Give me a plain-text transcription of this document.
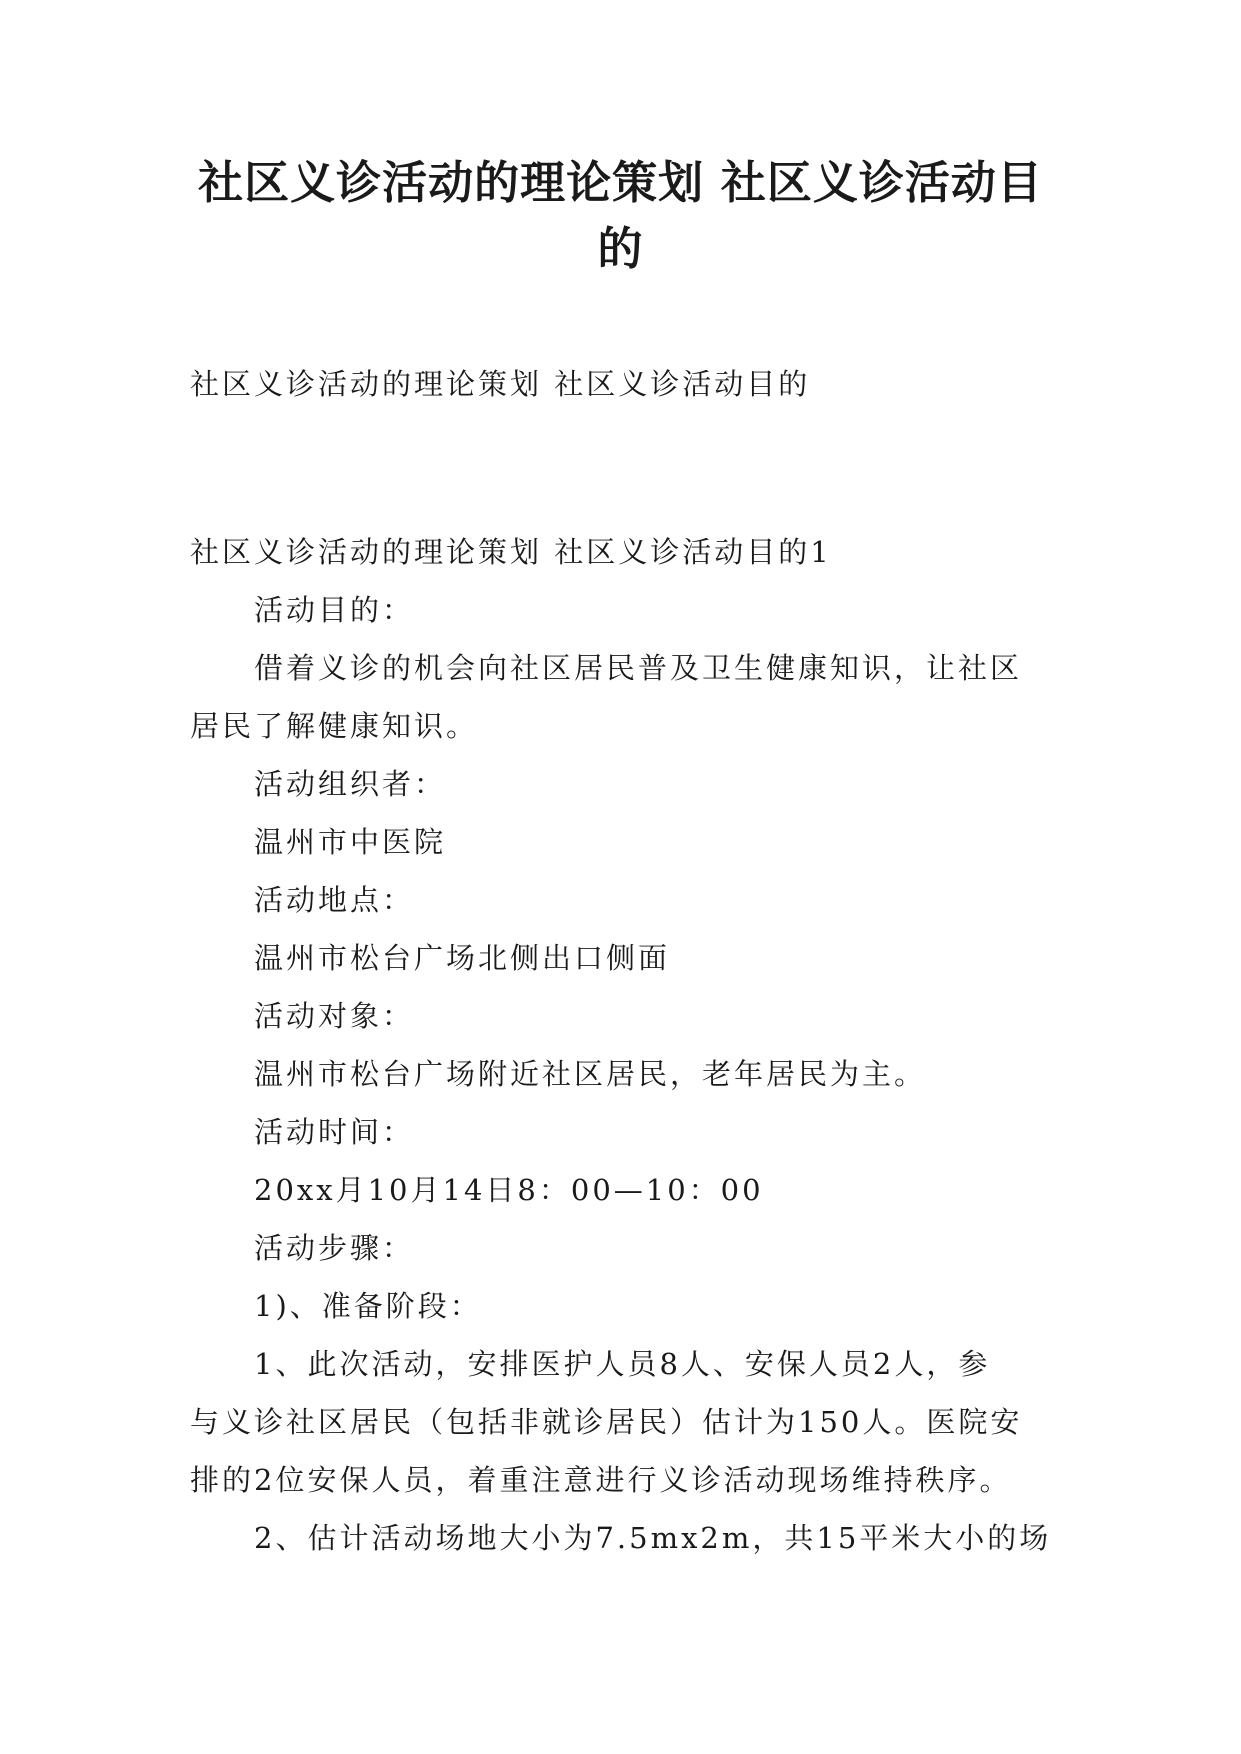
社区义诊活动的理论策划 社区义诊活动目的

社区义诊活动的理论策划 社区义诊活动目的

社区义诊活动的理论策划 社区义诊活动目的1

活动目的：

借着义诊的机会向社区居民普及卫生健康知识，让社区

居民了解健康知识。

活动组织者：

温州市中医院

活动地点：

温州市松台广场北侧出口侧面

活动对象：

温州市松台广场附近社区居民，老年居民为主。

活动时间：

20xx月10月14日8：00—10：00

活动步骤：

1)、准备阶段：

1、此次活动，安排医护人员8人、安保人员2人，参

与义诊社区居民（包括非就诊居民）估计为150人。医院安

排的2位安保人员，着重注意进行义诊活动现场维持秩序。

2、估计活动场地大小为7.5mx2m，共15平米大小的场
